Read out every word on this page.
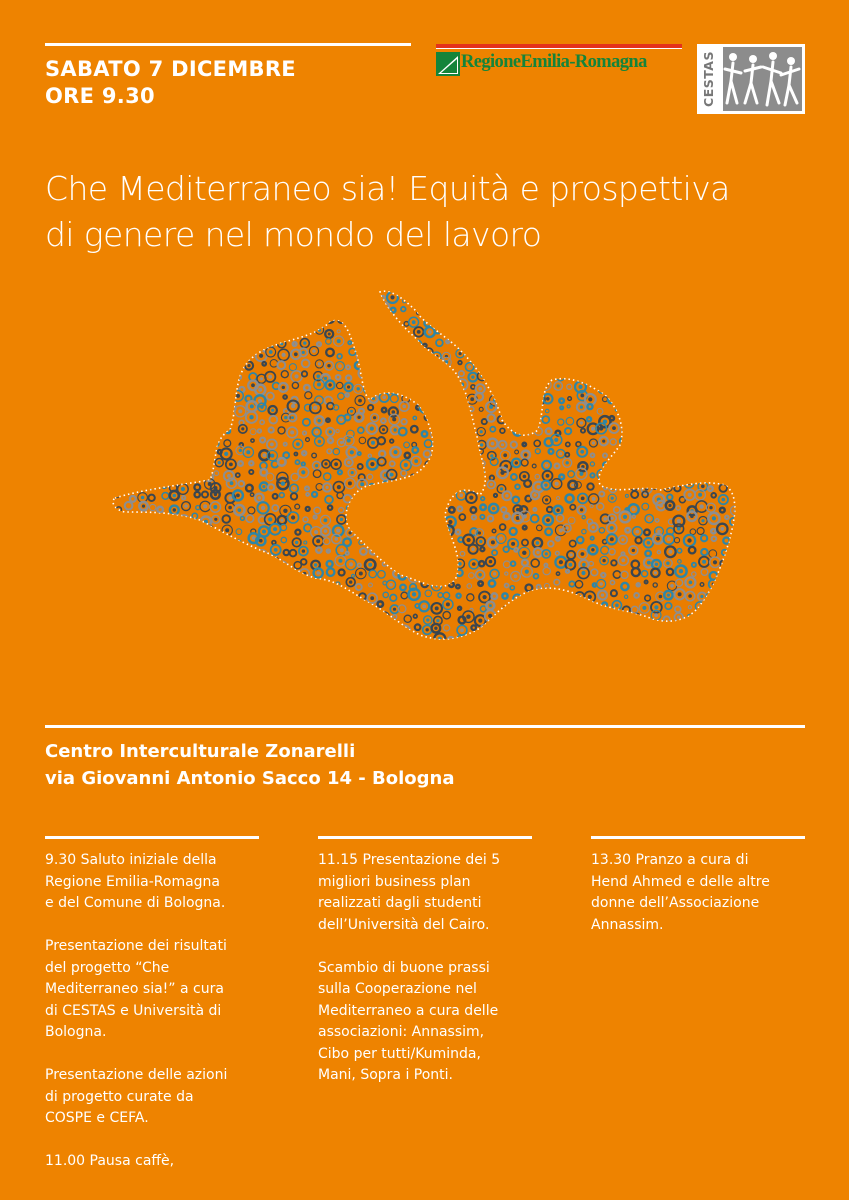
SABATO 7 DICEMBRE
ORE 9.30
RegioneEmilia-Romagna	CESTAS
Che Mediterraneo sia! Equità e prospettiva
di genere nel mondo del lavoro
Centro Interculturale Zonarelli
via Giovanni Antonio Sacco 14 - Bologna

9.30 Saluto iniziale della
Regione Emilia-Romagna
e del Comune di Bologna.

Presentazione dei risultati
del progetto “Che
Mediterraneo sia!” a cura
di CESTAS e Università di
Bologna.

Presentazione delle azioni
di progetto curate da
COSPE e CEFA.

11.00 Pausa caffè,

11.15 Presentazione dei 5
migliori business plan
realizzati dagli studenti
dell’Università del Cairo.

Scambio di buone prassi
sulla Cooperazione nel
Mediterraneo a cura delle
associazioni: Annassim,
Cibo per tutti/Kuminda,
Mani, Sopra i Ponti.

13.30 Pranzo a cura di
Hend Ahmed e delle altre
donne dell’Associazione
Annassim.
